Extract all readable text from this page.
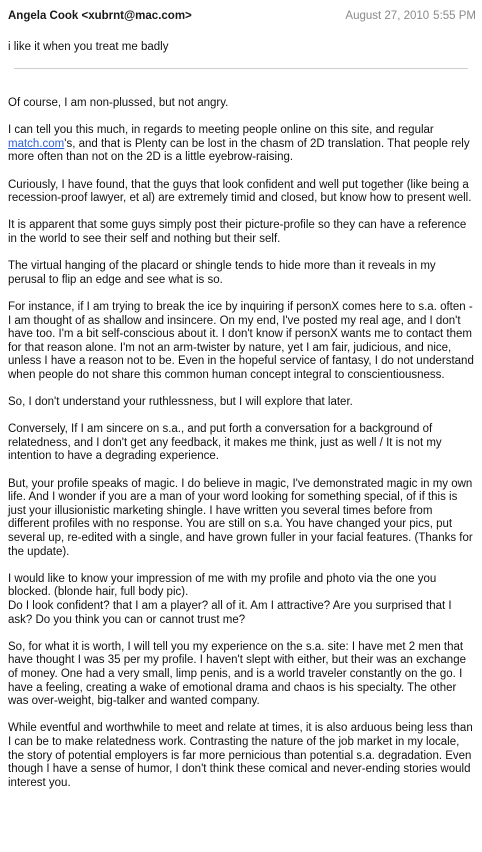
Angela Cook <xubrnt@mac.com>	August 27, 2010 5:55 PM
i like it when you treat me badly

Of course, I am non-plussed, but not angry.

I can tell you this much, in regards to meeting people online on this site, and regular match.com's, and that is Plenty can be lost in the chasm of 2D translation. That people rely more often than not on the 2D is a little eyebrow-raising.

Curiously, I have found, that the guys that look confident and well put together (like being a recession-proof lawyer, et al) are extremely timid and closed, but know how to present well.

It is apparent that some guys simply post their picture-profile so they can have a reference in the world to see their self and nothing but their self.

The virtual hanging of the placard or shingle tends to hide more than it reveals in my perusal to flip an edge and see what is so.

For instance, if I am trying to break the ice by inquiring if personX comes here to s.a. often - I am thought of as shallow and insincere. On my end, I've posted my real age, and I don't have too. I'm a bit self-conscious about it. I don't know if personX wants me to contact them for that reason alone. I'm not an arm-twister by nature, yet I am fair, judicious, and nice, unless I have a reason not to be. Even in the hopeful service of fantasy, I do not understand when people do not share this common human concept integral to conscientiousness.

So, I don't understand your ruthlessness, but I will explore that later.

Conversely, If I am sincere on s.a., and put forth a conversation for a background of relatedness, and I don't get any feedback, it makes me think, just as well / It is not my intention to have a degrading experience.

But, your profile speaks of magic. I do believe in magic, I've demonstrated magic in my own life. And I wonder if you are a man of your word looking for something special, of if this is just your illusionistic marketing shingle. I have written you several times before from different profiles with no response. You are still on s.a. You have changed your pics, put several up, re-edited with a single, and have grown fuller in your facial features. (Thanks for the update).

I would like to know your impression of me with my profile and photo via the one you blocked. (blonde hair, full body pic).
Do I look confident? that I am a player? all of it. Am I attractive? Are you surprised that I ask? Do you think you can or cannot trust me?

So, for what it is worth, I will tell you my experience on the s.a. site: I have met 2 men that have thought I was 35 per my profile. I haven't slept with either, but their was an exchange of money. One had a very small, limp penis, and is a world traveler constantly on the go. I have a feeling, creating a wake of emotional drama and chaos is his specialty. The other was over-weight, big-talker and wanted company.

While eventful and worthwhile to meet and relate at times, it is also arduous being less than I can be to make relatedness work. Contrasting the nature of the job market in my locale, the story of potential employers is far more pernicious than potential s.a. degradation. Even though I have a sense of humor, I don't think these comical and never-ending stories would interest you.
